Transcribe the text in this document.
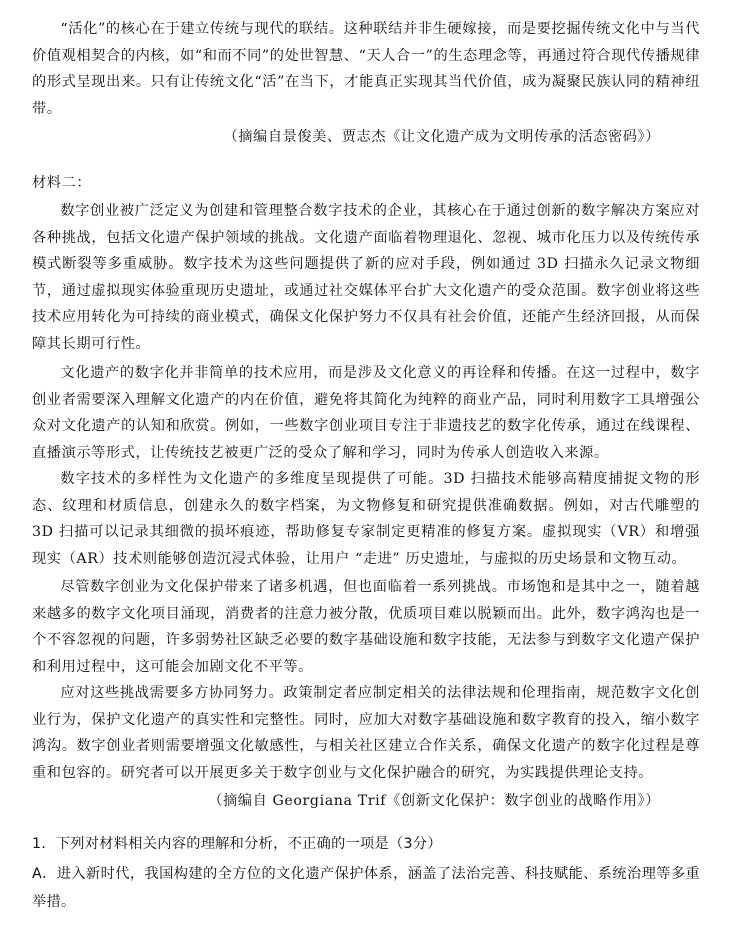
“活化”的核心在于建立传统与现代的联结。这种联结并非生硬嫁接，而是要挖掘传统文化中与当代价值观相契合的内核，如“和而不同”的处世智慧、“天人合一”的生态理念等，再通过符合现代传播规律的形式呈现出来。只有让传统文化“活”在当下，才能真正实现其当代价值，成为凝聚民族认同的精神纽带。

（摘编自景俊美、贾志杰《让文化遗产成为文明传承的活态密码》）

材料二：

数字创业被广泛定义为创建和管理整合数字技术的企业，其核心在于通过创新的数字解决方案应对各种挑战，包括文化遗产保护领域的挑战。文化遗产面临着物理退化、忽视、城市化压力以及传统传承模式断裂等多重威胁。数字技术为这些问题提供了新的应对手段，例如通过 3D 扫描永久记录文物细节，通过虚拟现实体验重现历史遗址，或通过社交媒体平台扩大文化遗产的受众范围。数字创业将这些技术应用转化为可持续的商业模式，确保文化保护努力不仅具有社会价值，还能产生经济回报，从而保障其长期可行性。

文化遗产的数字化并非简单的技术应用，而是涉及文化意义的再诠释和传播。在这一过程中，数字创业者需要深入理解文化遗产的内在价值，避免将其简化为纯粹的商业产品，同时利用数字工具增强公众对文化遗产的认知和欣赏。例如，一些数字创业项目专注于非遗技艺的数字化传承，通过在线课程、直播演示等形式，让传统技艺被更广泛的受众了解和学习，同时为传承人创造收入来源。

数字技术的多样性为文化遗产的多维度呈现提供了可能。3D 扫描技术能够高精度捕捉文物的形态、纹理和材质信息，创建永久的数字档案，为文物修复和研究提供准确数据。例如，对古代雕塑的 3D 扫描可以记录其细微的损坏痕迹，帮助修复专家制定更精准的修复方案。虚拟现实（VR）和增强现实（AR）技术则能够创造沉浸式体验，让用户 “走进” 历史遗址，与虚拟的历史场景和文物互动。

尽管数字创业为文化保护带来了诸多机遇，但也面临着一系列挑战。市场饱和是其中之一，随着越来越多的数字文化项目涌现，消费者的注意力被分散，优质项目难以脱颖而出。此外，数字鸿沟也是一个不容忽视的问题，许多弱势社区缺乏必要的数字基础设施和数字技能，无法参与到数字文化遗产保护和利用过程中，这可能会加剧文化不平等。

应对这些挑战需要多方协同努力。政策制定者应制定相关的法律法规和伦理指南，规范数字文化创业行为，保护文化遗产的真实性和完整性。同时，应加大对数字基础设施和数字教育的投入，缩小数字鸿沟。数字创业者则需要增强文化敏感性，与相关社区建立合作关系，确保文化遗产的数字化过程是尊重和包容的。研究者可以开展更多关于数字创业与文化保护融合的研究，为实践提供理论支持。

（摘编自 Georgiana Trif《创新文化保护：数字创业的战略作用》）

1．下列对材料相关内容的理解和分析，不正确的一项是（3分）

A．进入新时代，我国构建的全方位的文化遗产保护体系，涵盖了法治完善、科技赋能、系统治理等多重举措。
